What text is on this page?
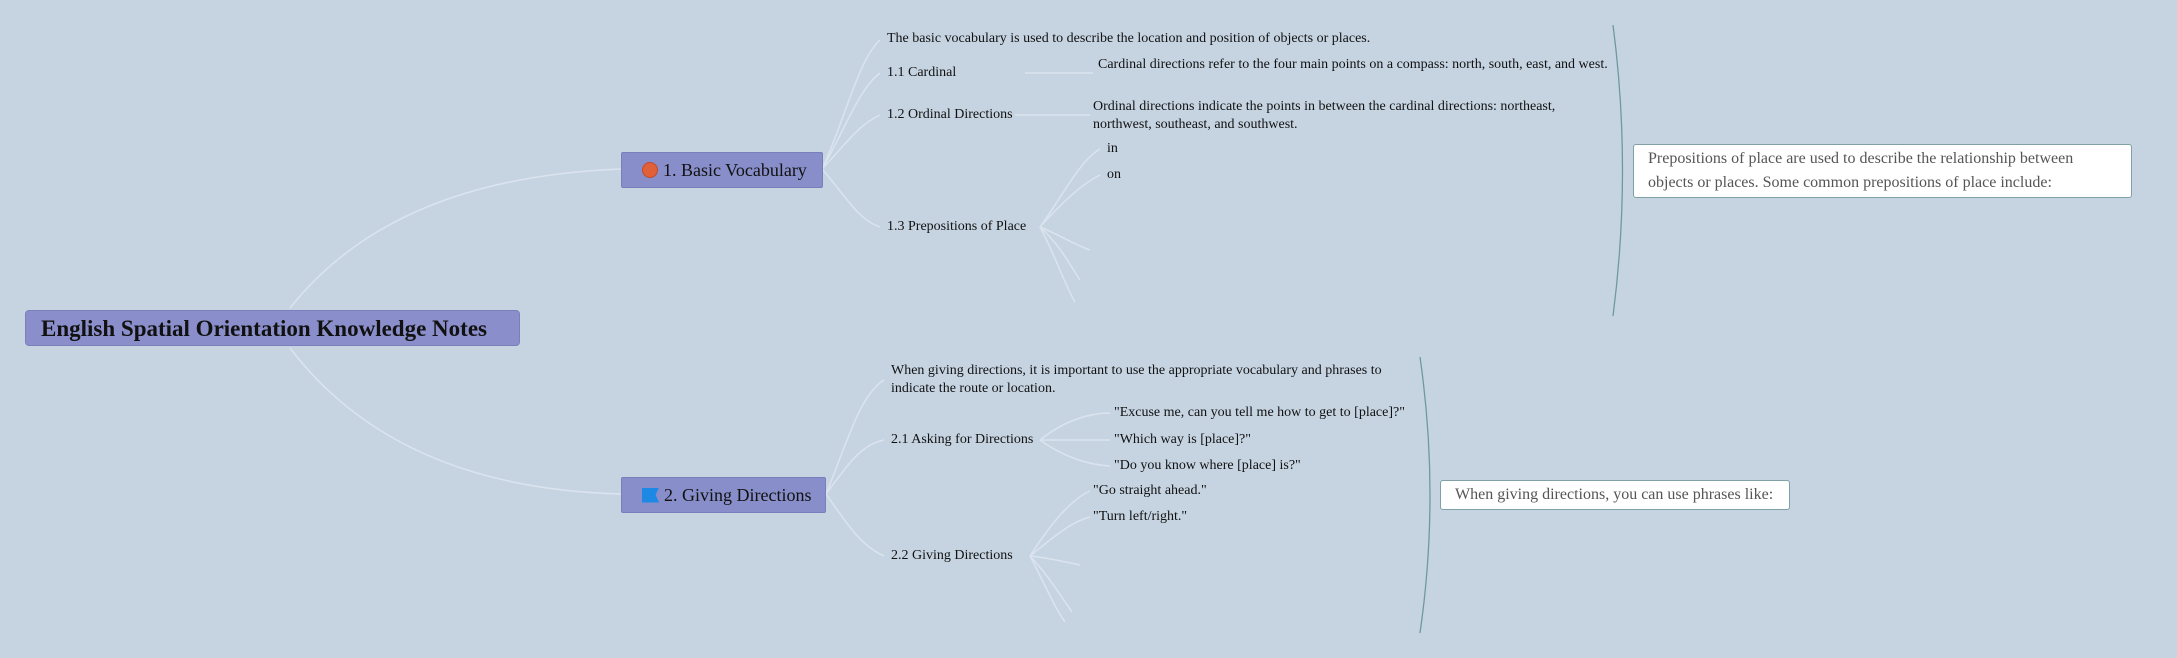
English Spatial Orientation Knowledge Notes
1. Basic Vocabulary
The basic vocabulary is used to describe the location and position of objects or places.
1.1 Cardinal
Cardinal directions refer to the four main points on a compass: north, south, east, and west.
1.2 Ordinal Directions
Ordinal directions indicate the points in between the cardinal directions: northeast, northwest, southeast, and southwest.
1.3 Prepositions of Place
in
on
Prepositions of place are used to describe the relationship between objects or places. Some common prepositions of place include:
2. Giving Directions
When giving directions, it is important to use the appropriate vocabulary and phrases to indicate the route or location.
2.1 Asking for Directions
"Excuse me, can you tell me how to get to [place]?"
"Which way is [place]?"
"Do you know where [place] is?"
2.2 Giving Directions
"Go straight ahead."
"Turn left/right."
When giving directions, you can use phrases like:
